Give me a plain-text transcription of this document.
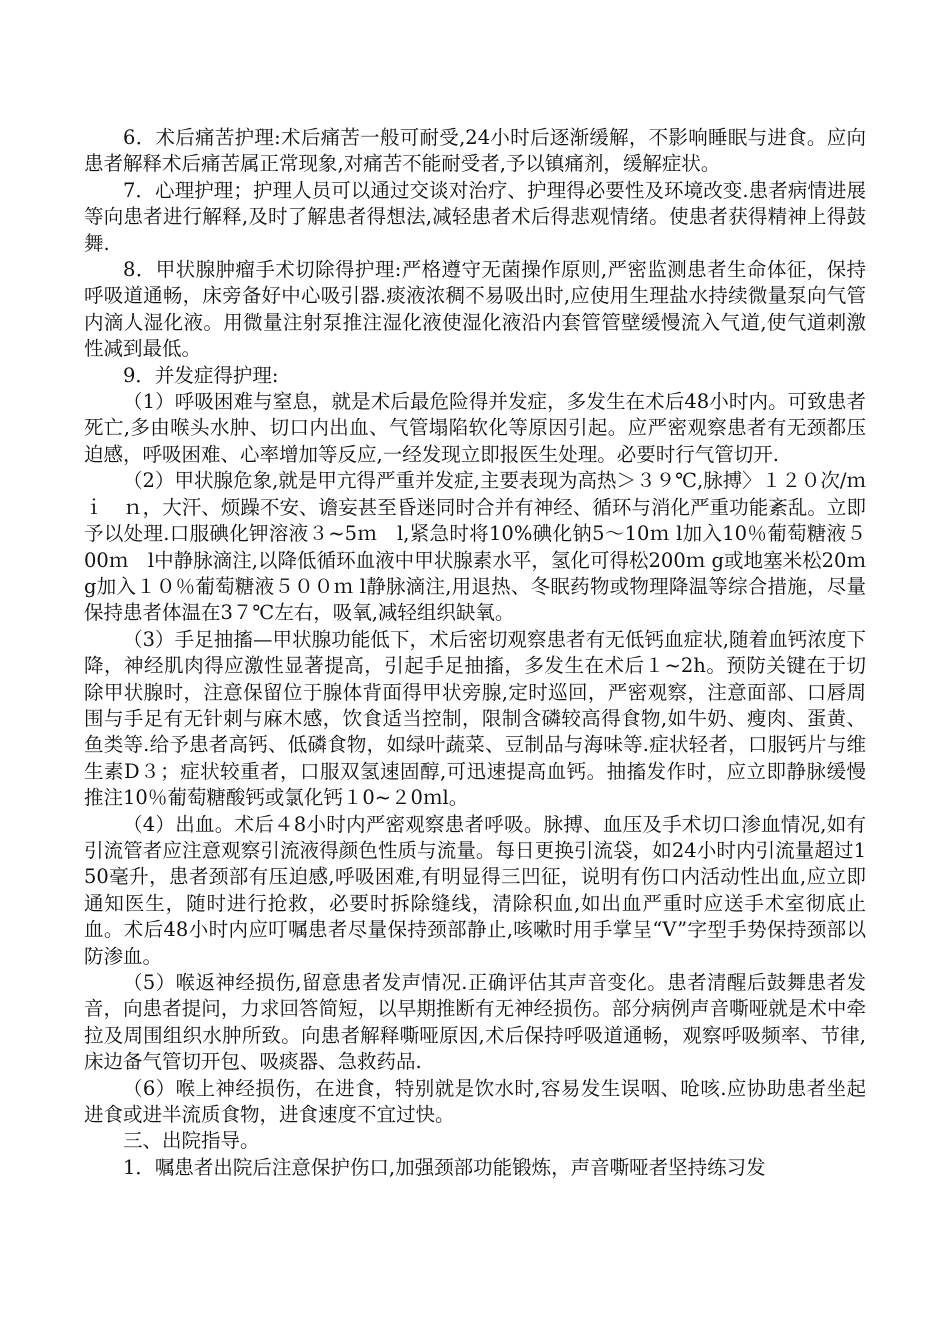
6．术后痛苦护理:术后痛苦一般可耐受,24小时后逐渐缓解，不影响睡眠与进食。应向患者解释术后痛苦属正常现象,对痛苦不能耐受者,予以镇痛剂，缓解症状。

7．心理护理；护理人员可以通过交谈对治疗、护理得必要性及环境改变.患者病情进展等向患者进行解释,及时了解患者得想法,减轻患者术后得悲观情绪。使患者获得精神上得鼓舞.

8．甲状腺肿瘤手术切除得护理:严格遵守无菌操作原则,严密监测患者生命体征，保持呼吸道通畅，床旁备好中心吸引器.痰液浓稠不易吸出时,应使用生理盐水持续微量泵向气管内滴人湿化液。用微量注射泵推注湿化液使湿化液沿内套管管壁缓慢流入气道,使气道刺激性减到最低。

9．并发症得护理:

（1）呼吸困难与窒息，就是术后最危险得并发症，多发生在术后48小时内。可致患者死亡,多由喉头水肿、切口内出血、气管塌陷软化等原因引起。应严密观察患者有无颈都压迫感，呼吸困难、心率增加等反应,一经发现立即报医生处理。必要时行气管切开.

（2）甲状腺危象,就是甲亢得严重并发症,主要表现为高热＞３９℃,脉搏〉１２０次/ｍ　ｉ　ｎ，大汗、烦躁不安、谵妄甚至昏迷同时合并有神经、循环与消化严重功能紊乱。立即予以处理.口服碘化钾溶液３~5ｍ　l,紧急时将10%碘化钠5～10ｍ l加入10％葡萄糖液５00ｍ　l中静脉滴注,以降低循环血液中甲状腺素水平，氢化可得松200ｍ g或地塞米松20ｍ g加入１０％葡萄糖液５００ｍ l静脉滴注,用退热、冬眠药物或物理降温等综合措施，尽量保持患者体温在3７℃左右，吸氧,减轻组织缺氧。

（3）手足抽搐—甲状腺功能低下，术后密切观察患者有无低钙血症状,随着血钙浓度下降，神经肌肉得应激性显著提高，引起手足抽搐，多发生在术后１~2h。预防关键在于切除甲状腺时，注意保留位于腺体背面得甲状旁腺,定时巡回，严密观察，注意面部、口唇周围与手足有无针刺与麻木感，饮食适当控制，限制含磷较高得食物,如牛奶、瘦肉、蛋黄、鱼类等.给予患者高钙、低磷食物，如绿叶蔬菜、豆制品与海味等.症状轻者，口服钙片与维生素D３；症状较重者，口服双氢速固醇,可迅速提高血钙。抽搐发作时，应立即静脉缓慢推注10％葡萄糖酸钙或氯化钙１0~２0ｍl。

（4）出血。术后４8小时内严密观察患者呼吸。脉搏、血压及手术切口渗血情况,如有引流管者应注意观察引流液得颜色性质与流量。每日更换引流袋，如24小时内引流量超过150毫升，患者颈部有压迫感,呼吸困难,有明显得三凹征，说明有伤口内活动性出血,应立即通知医生，随时进行抢救，必要时拆除缝线，清除积血,如出血严重时应送手术室彻底止血。术后48小时内应叮嘱患者尽量保持颈部静止,咳嗽时用手掌呈“V”字型手势保持颈部以防渗血。

（5）喉返神经损伤,留意患者发声情况.正确评估其声音变化。患者清醒后鼓舞患者发音，向患者提问，力求回答简短，以早期推断有无神经损伤。部分病例声音嘶哑就是术中牵拉及周围组织水肿所致。向患者解释嘶哑原因,术后保持呼吸道通畅，观察呼吸频率、节律,床边备气管切开包、吸痰器、急救药品.

（6）喉上神经损伤，在进食，特别就是饮水时,容易发生误咽、呛咳.应协助患者坐起进食或进半流质食物，进食速度不宜过快。

三、出院指导。

1．嘱患者出院后注意保护伤口,加强颈部功能锻炼，声音嘶哑者坚持练习发
